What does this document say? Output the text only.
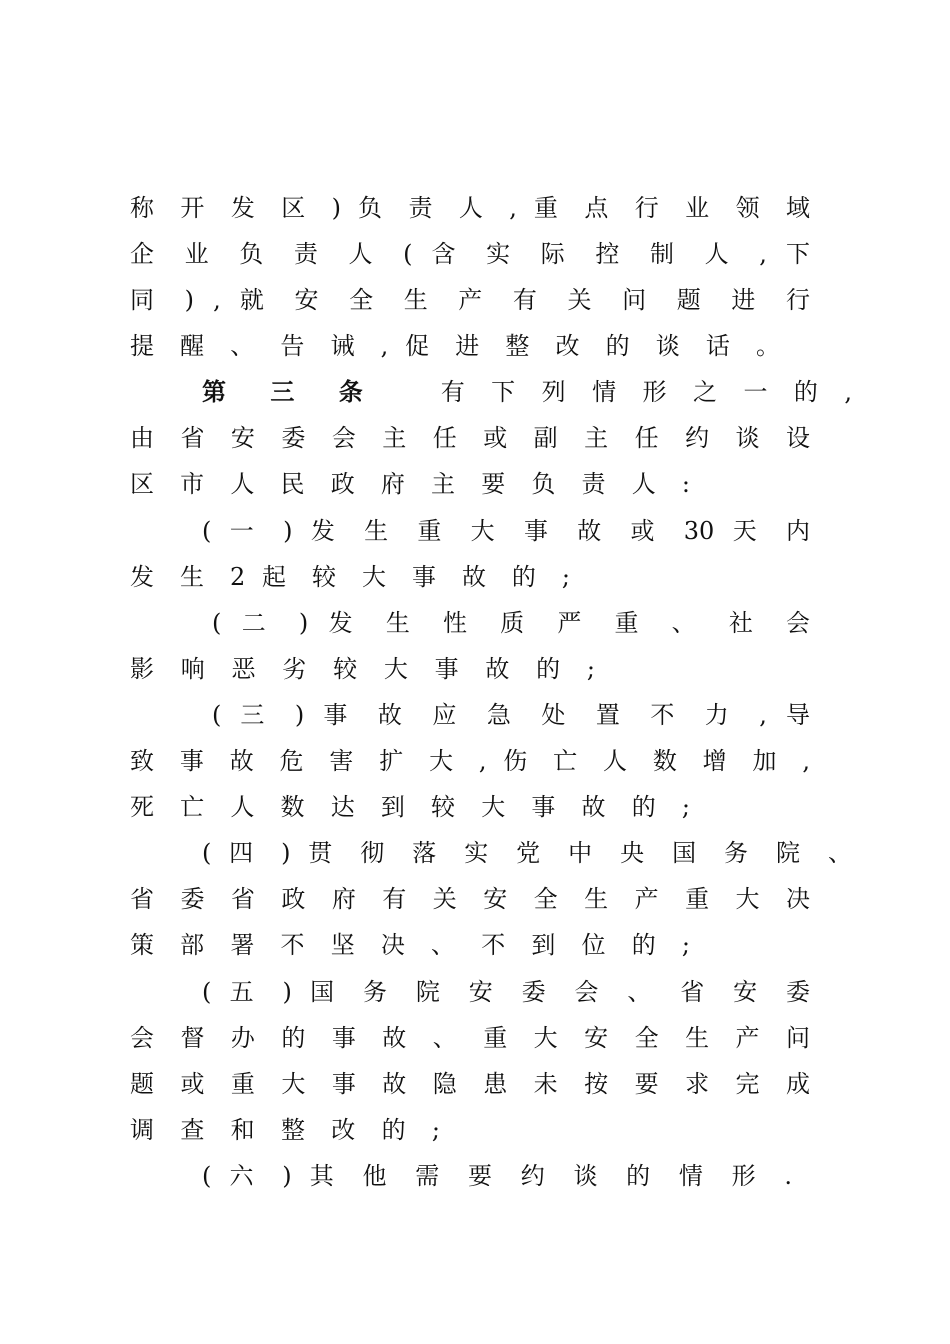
称 开 发 区 ) 负 责 人 , 重 点 行 业 领 域
企 业 负 责 人 ( 含 实 际 控 制 人 , 下
同 ) , 就 安 全 生 产 有 关 问 题 进 行
提 醒 、 告 诫 , 促 进 整 改 的 谈 话 。
第 三 条	有 下 列 情 形 之 一 的 ,
由 省 安 委 会 主 任 或 副 主 任 约 谈 设
区 市 人 民 政 府 主 要 负 责 人 :
( 一 ) 发 生 重 大 事 故 或 30 天 内
发 生 2 起 较 大 事 故 的 ;
( 二 ) 发 生 性 质 严 重 、 社 会
影 响 恶 劣 较 大 事 故 的 ;
( 三 ) 事 故 应 急 处 置 不 力 , 导
致 事 故 危 害 扩 大 , 伤 亡 人 数 增 加 ,
死 亡 人 数 达 到 较 大 事 故 的 ;
( 四 ) 贯 彻 落 实 党 中 央 国 务 院 、
省 委 省 政 府 有 关 安 全 生 产 重 大 决
策 部 署 不 坚 决 、 不 到 位 的 ;
( 五 ) 国 务 院 安 委 会 、 省 安 委
会 督 办 的 事 故 、 重 大 安 全 生 产 问
题 或 重 大 事 故 隐 患 未 按 要 求 完 成
调 查 和 整 改 的 ;
( 六 ) 其 他 需 要 约 谈 的 情 形 .
